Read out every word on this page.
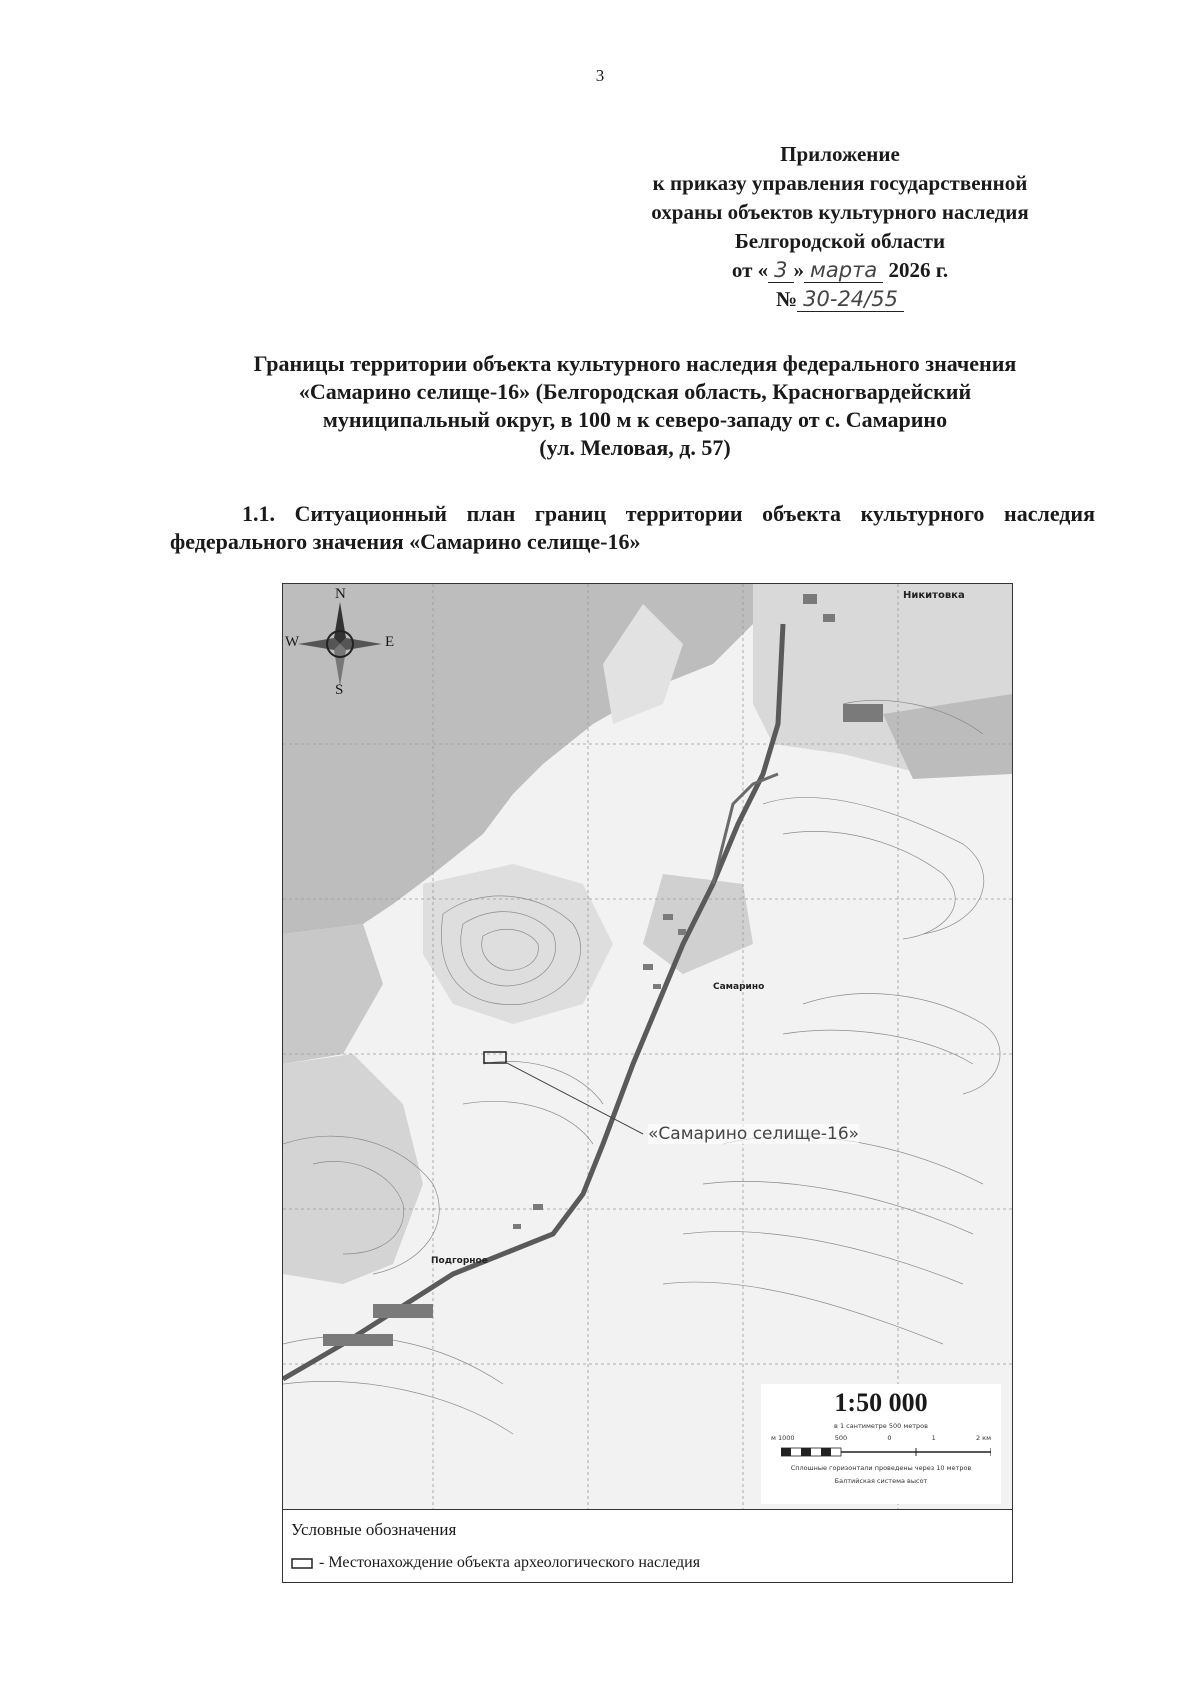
3
Приложение
к приказу управления государственной
охраны объектов культурного наследия
Белгородской области
от « 3 » марта 2026 г.
№ 30-24/55
Границы территории объекта культурного наследия федерального значения
«Самарино селище-16» (Белгородская область, Красногвардейский
муниципальный округ, в 100 м к северо-западу от с. Самарино
(ул. Меловая, д. 57)
1.1. Ситуационный план границ территории объекта культурного наследия федерального значения «Самарино селище-16»
N
S
E
W
Никитовка
Самарино
Подгорное
«Самарино селище-16»
1:50 000
в 1 сантиметре 500 метров
м 1000	500	0	1	2 км
Сплошные горизонтали проведены через 10 метров
Балтийская система высот
Условные обозначения
- Местонахождение объекта археологического наследия
